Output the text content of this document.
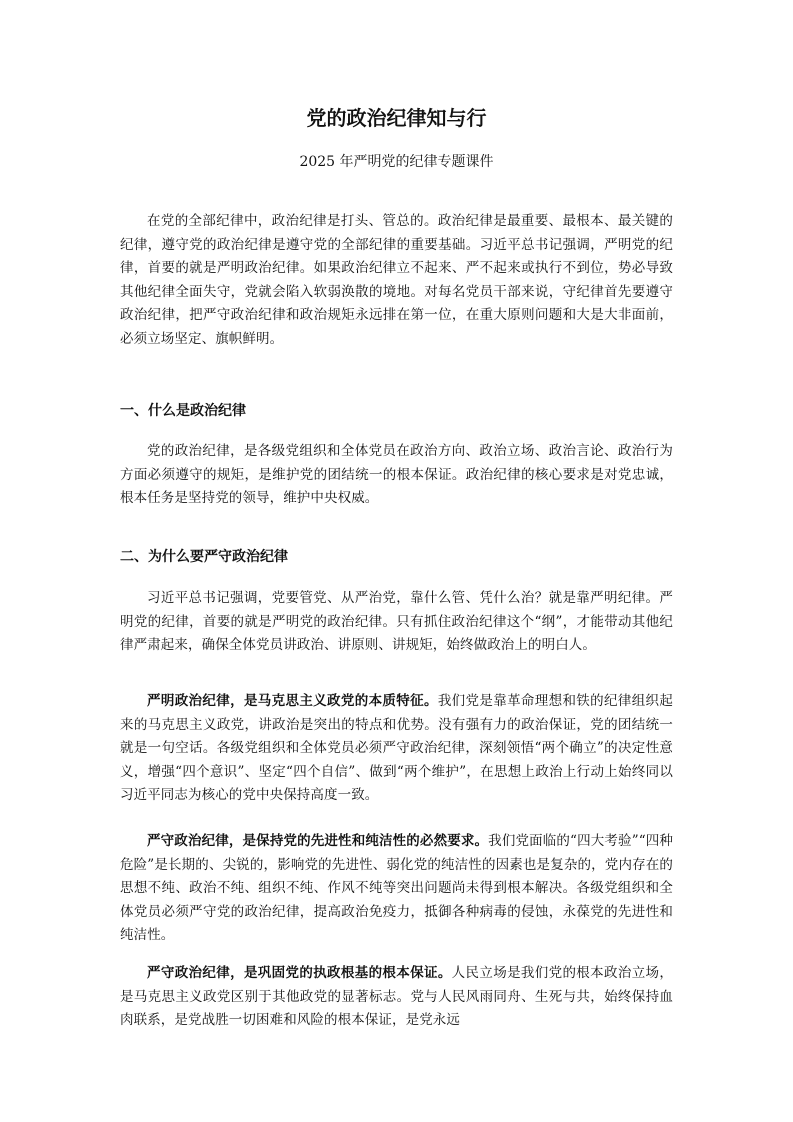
党的政治纪律知与行

2025 年严明党的纪律专题课件

在党的全部纪律中，政治纪律是打头、管总的。政治纪律是最重要、最根本、最关键的纪律，遵守党的政治纪律是遵守党的全部纪律的重要基础。习近平总书记强调，严明党的纪律，首要的就是严明政治纪律。如果政治纪律立不起来、严不起来或执行不到位，势必导致其他纪律全面失守，党就会陷入软弱涣散的境地。对每名党员干部来说，守纪律首先要遵守政治纪律，把严守政治纪律和政治规矩永远排在第一位，在重大原则问题和大是大非面前，必须立场坚定、旗帜鲜明。

一、什么是政治纪律

党的政治纪律，是各级党组织和全体党员在政治方向、政治立场、政治言论、政治行为方面必须遵守的规矩，是维护党的团结统一的根本保证。政治纪律的核心要求是对党忠诚，根本任务是坚持党的领导，维护中央权威。

二、为什么要严守政治纪律

习近平总书记强调，党要管党、从严治党，靠什么管、凭什么治？就是靠严明纪律。严明党的纪律，首要的就是严明党的政治纪律。只有抓住政治纪律这个“纲”，才能带动其他纪律严肃起来，确保全体党员讲政治、讲原则、讲规矩，始终做政治上的明白人。

严明政治纪律，是马克思主义政党的本质特征。我们党是靠革命理想和铁的纪律组织起来的马克思主义政党，讲政治是突出的特点和优势。没有强有力的政治保证，党的团结统一就是一句空话。各级党组织和全体党员必须严守政治纪律，深刻领悟“两个确立”的决定性意义，增强“四个意识”、坚定“四个自信”、做到“两个维护”，在思想上政治上行动上始终同以习近平同志为核心的党中央保持高度一致。

严守政治纪律，是保持党的先进性和纯洁性的必然要求。我们党面临的“四大考验”“四种危险”是长期的、尖锐的，影响党的先进性、弱化党的纯洁性的因素也是复杂的，党内存在的思想不纯、政治不纯、组织不纯、作风不纯等突出问题尚未得到根本解决。各级党组织和全体党员必须严守党的政治纪律，提高政治免疫力，抵御各种病毒的侵蚀，永葆党的先进性和纯洁性。

严守政治纪律，是巩固党的执政根基的根本保证。人民立场是我们党的根本政治立场，是马克思主义政党区别于其他政党的显著标志。党与人民风雨同舟、生死与共，始终保持血肉联系，是党战胜一切困难和风险的根本保证，是党永远
